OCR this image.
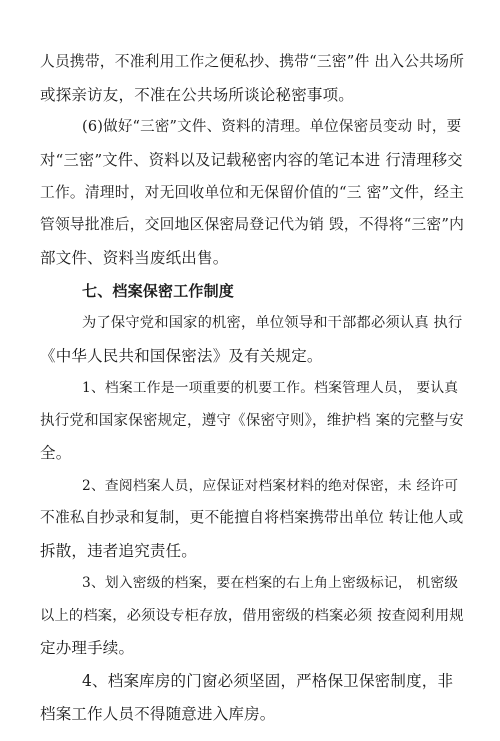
人员携带，不准利用工作之便私抄、携带“三密”件 出入公共场所
或探亲访友，不准在公共场所谈论秘密事项。
(6)做好“三密”文件、资料的清理。单位保密员变动 时，要
对“三密”文件、资料以及记载秘密内容的笔记本进 行清理移交
工作。清理时，对无回收单位和无保留价值的“三 密”文件，经主
管领导批准后，交回地区保密局登记代为销 毁，不得将“三密”内
部文件、资料当废纸出售。
七、档案保密工作制度
为了保守党和国家的机密，单位领导和干部都必须认真 执行
《中华人民共和国保密法》及有关规定。
1、档案工作是一项重要的机要工作。档案管理人员， 要认真
执行党和国家保密规定，遵守《保密守则》，维护档 案的完整与安
全。
2、查阅档案人员，应保证对档案材料的绝对保密，未 经许可
不准私自抄录和复制，更不能擅自将档案携带出单位 转让他人或
拆散，违者追究责任。
3、划入密级的档案，要在档案的右上角上密级标记， 机密级
以上的档案，必须设专柜存放，借用密级的档案必须 按查阅利用规
定办理手续。
4、档案库房的门窗必须坚固，严格保卫保密制度，非
档案工作人员不得随意进入库房。
